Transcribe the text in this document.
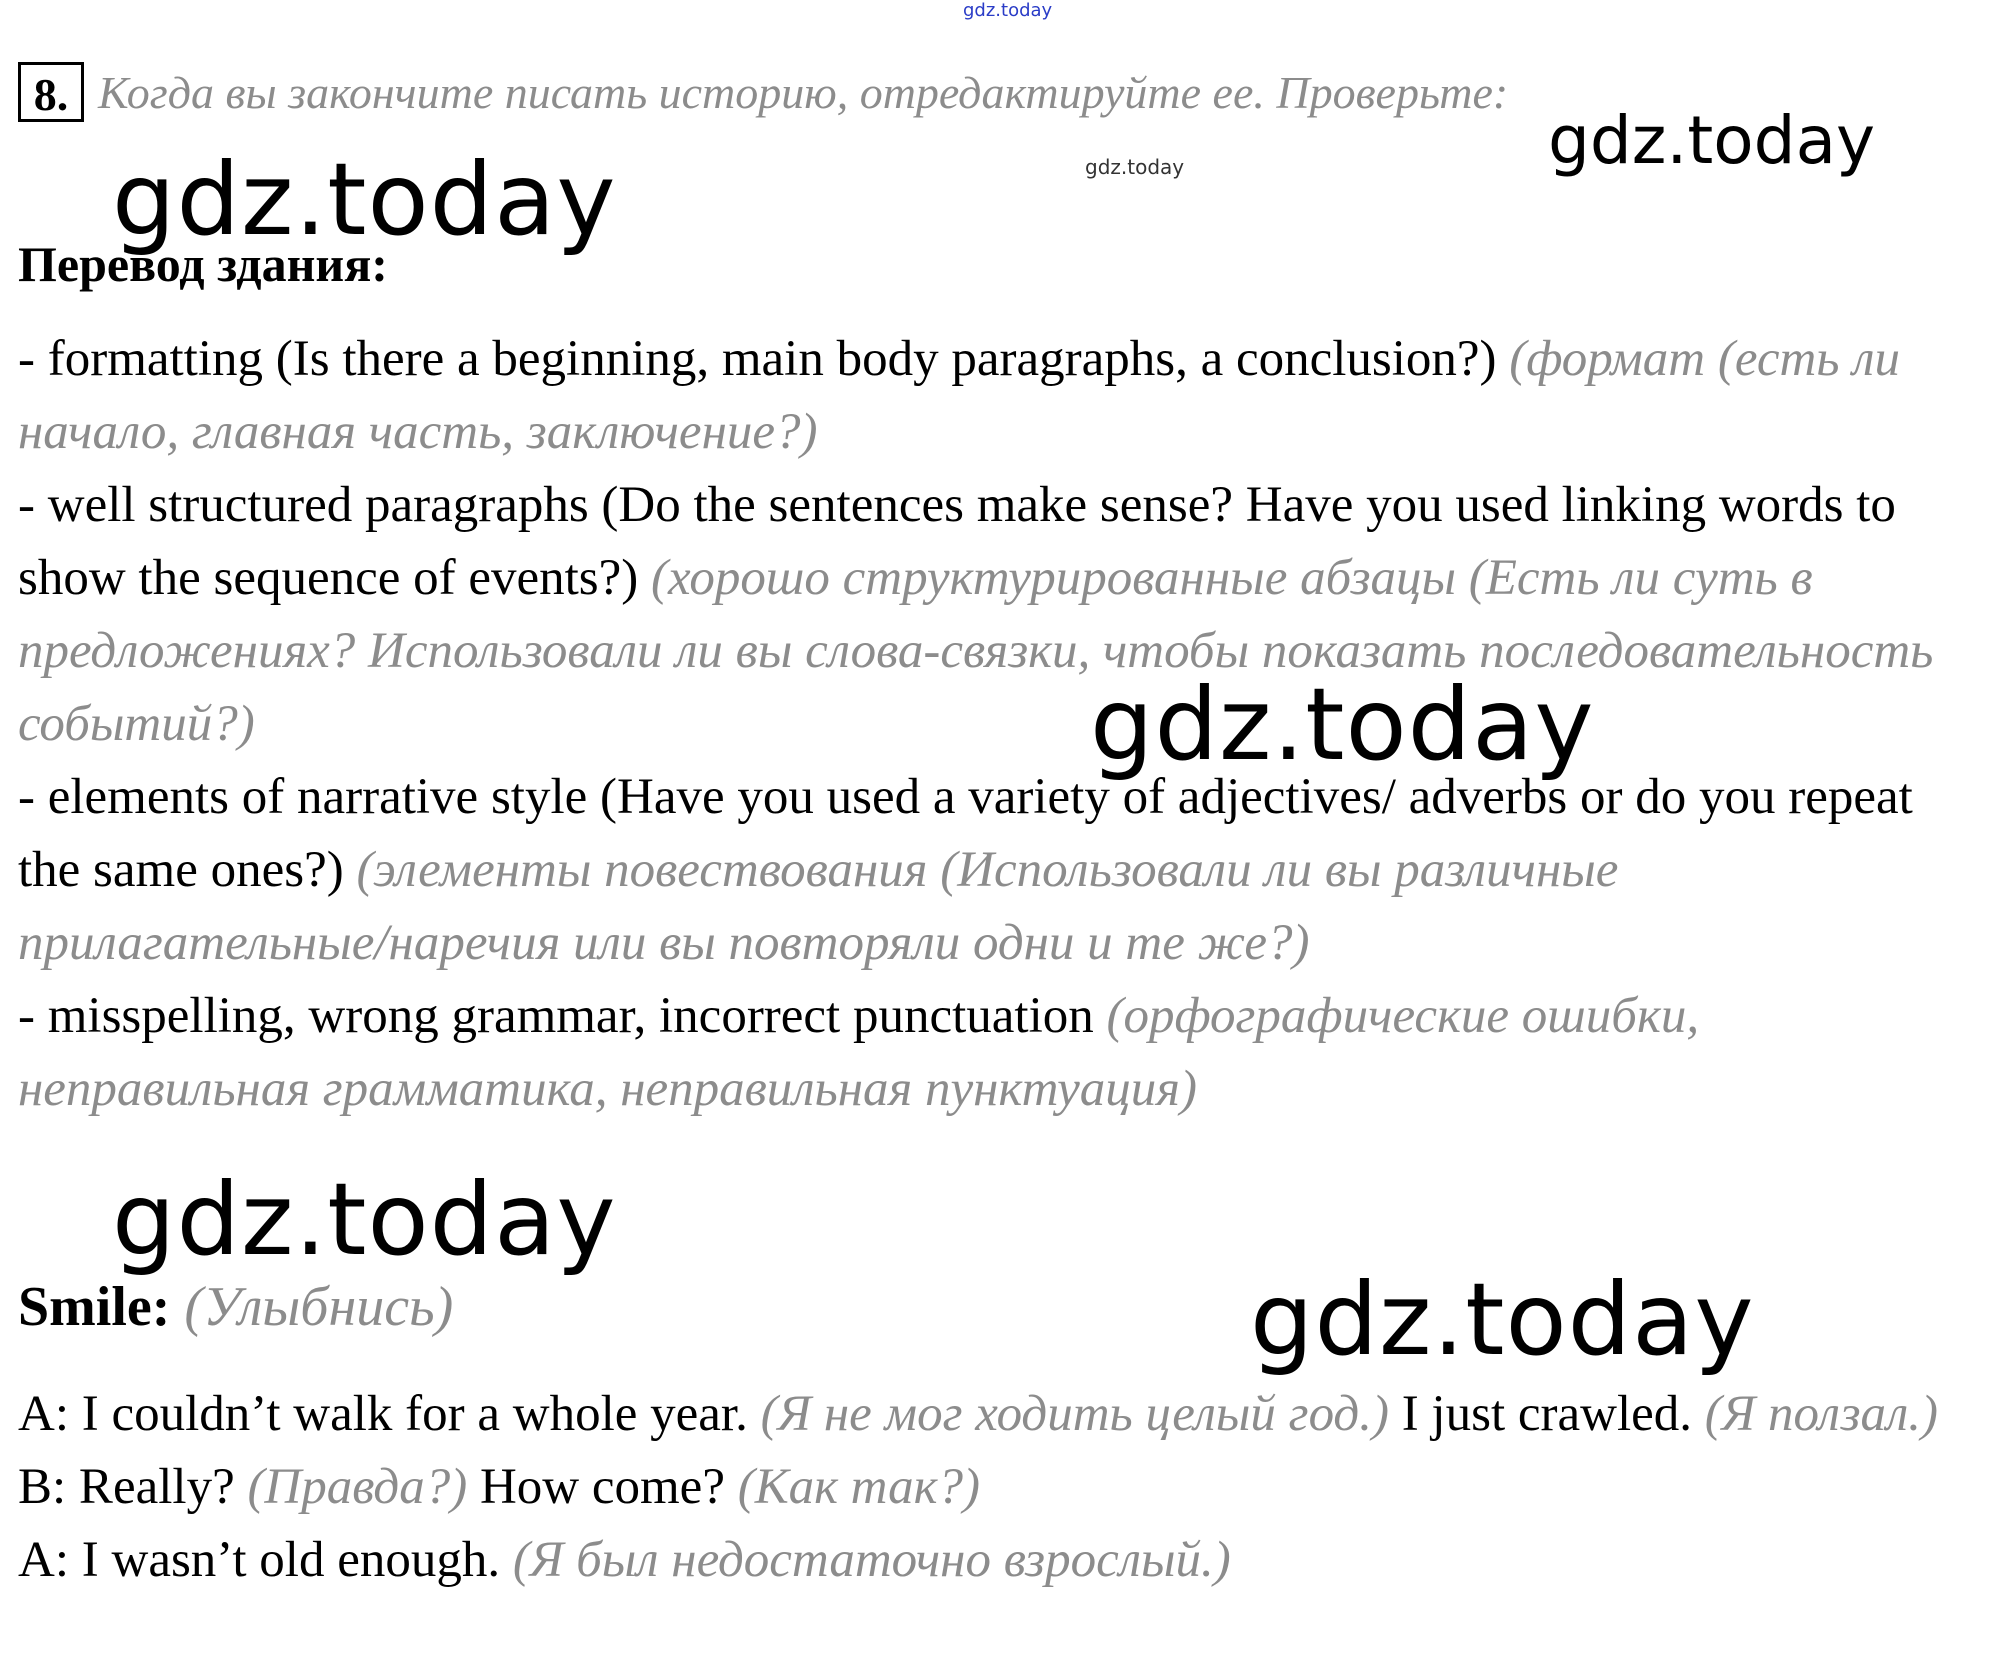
gdz.today
gdz.today
gdz.today
gdz.today
gdz.today
gdz.today
gdz.today
8. Когда вы закончите писать историю, отредактируйте ее. Проверьте:
Перевод здания:

- formatting (Is there a beginning, main body paragraphs, a conclusion?) (формат (есть ли начало, главная часть, заключение?)

- well structured paragraphs (Do the sentences make sense? Have you used linking words to show the sequence of events?) (хорошо структурированные абзацы (Есть ли суть в предложениях? Использовали ли вы слова-связки, чтобы показать последовательность событий?)

- elements of narrative style (Have you used a variety of adjectives/ adverbs or do you repeat the same ones?) (элементы повествования (Использовали ли вы различные прилагательные/наречия или вы повторяли одни и те же?)

- misspelling, wrong grammar, incorrect punctuation (орфографические ошибки, неправильная грамматика, неправильная пунктуация)

Smile: (Улыбнись)

A: I couldn’t walk for a whole year. (Я не мог ходить целый год.) I just crawled. (Я ползал.)

B: Really? (Правда?) How come? (Как так?)

A: I wasn’t old enough. (Я был недостаточно взрослый.)
